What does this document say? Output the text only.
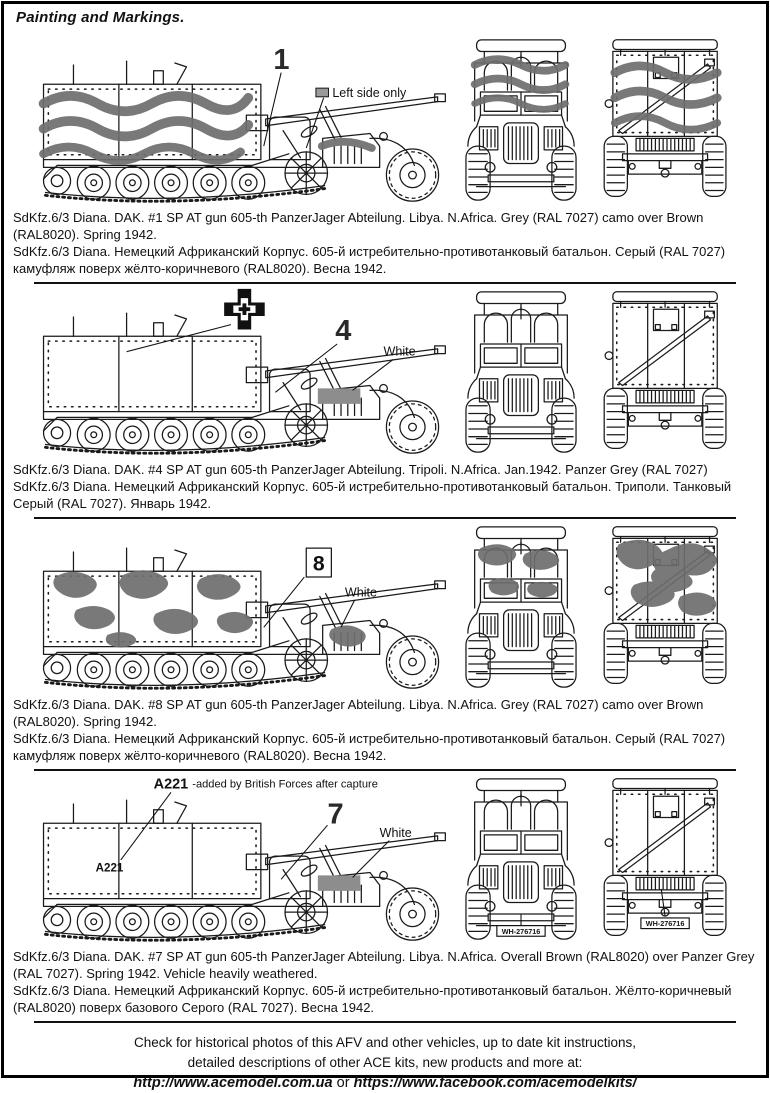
Painting and Markings.
1
Left side only
SdKfz.6/3 Diana. DAK. #1 SP AT gun 605-th PanzerJager Abteilung. Libya. N.Africa. Grey (RAL 7027) camo over Brown (RAL8020). Spring 1942.
SdKfz.6/3 Diana. Немецкий Африканский Корпус. 605-й истребительно-противотанковый батальон. Серый (RAL 7027) камуфляж поверх жёлто-коричневого (RAL8020). Весна 1942.
4
White
SdKfz.6/3 Diana. DAK. #4 SP AT gun 605-th PanzerJager Abteilung. Tripoli. N.Africa. Jan.1942. Panzer Grey (RAL 7027)
SdKfz.6/3 Diana. Немецкий Африканский Корпус. 605-й истребительно-противотанковый батальон. Триполи. Танковый Серый (RAL 7027). Январь 1942.
8
White
SdKfz.6/3 Diana. DAK. #8 SP AT gun 605-th PanzerJager Abteilung. Libya. N.Africa. Grey (RAL 7027) camo over Brown (RAL8020). Spring 1942.
SdKfz.6/3 Diana. Немецкий Африканский Корпус. 605-й истребительно-противотанковый батальон. Серый (RAL 7027) камуфляж поверх жёлто-коричневого (RAL8020). Весна 1942.
A221 -added by British Forces after capture
A221
7
White
WH-276716
WH-276716
SdKfz.6/3 Diana. DAK. #7 SP AT gun 605-th PanzerJager Abteilung. Libya. N.Africa. Overall Brown (RAL8020) over Panzer Grey (RAL 7027). Spring 1942. Vehicle heavily weathered.
SdKfz.6/3 Diana. Немецкий Африканский Корпус. 605-й истребительно-противотанковый батальон. Жёлто-коричневый (RAL8020) поверх базового Серого (RAL 7027). Весна 1942.
Check for historical photos of this AFV and other vehicles, up to date kit instructions,
detailed descriptions of other ACE kits, new products and more at:
http://www.acemodel.com.ua or https://www.facebook.com/acemodelkits/
